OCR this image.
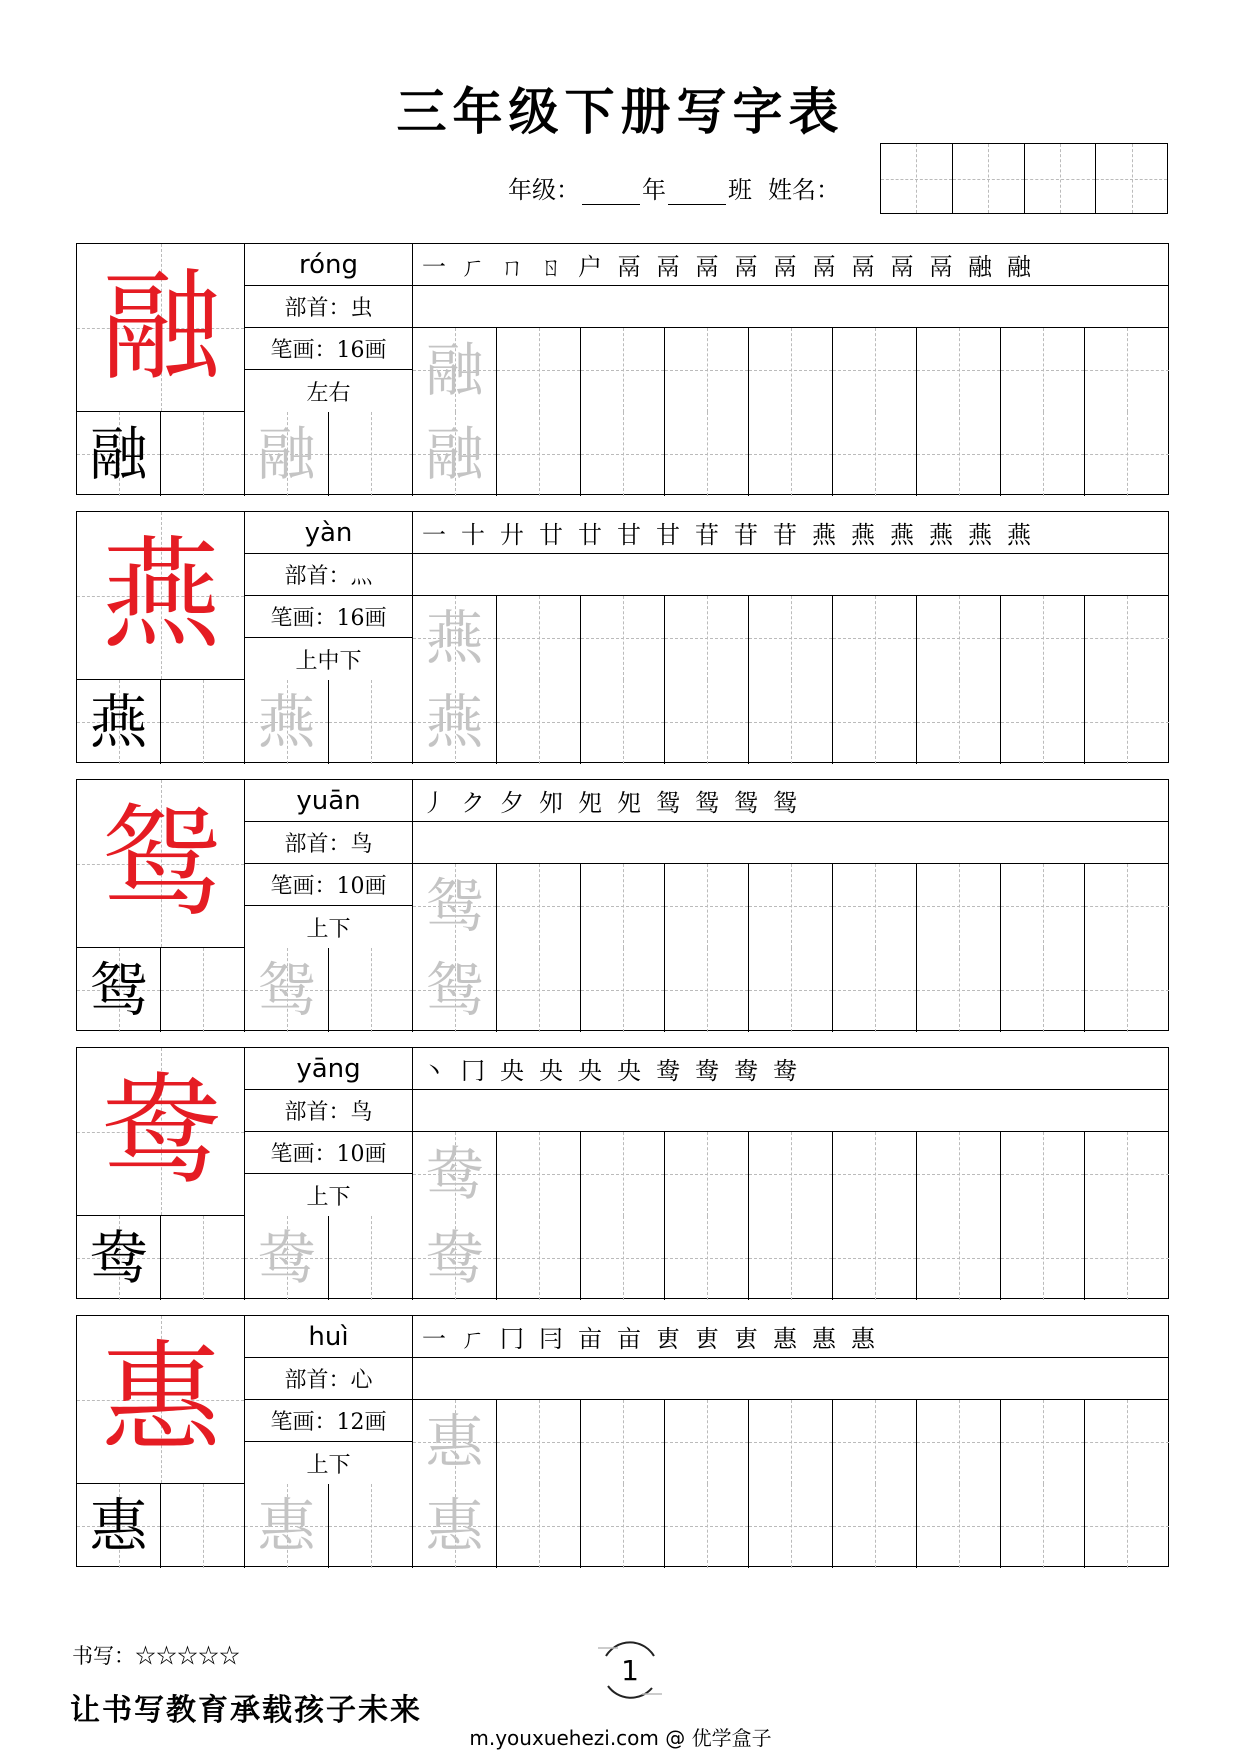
三年级下册写字表
年级：	年	班 姓名：
融	róng
部首：虫
笔画：16画
左右
一 ㄏ ㄇ ㄖ 户 鬲 鬲 鬲 鬲 鬲 鬲 鬲 鬲 鬲 融 融
融
融 融 融
燕	yàn
部首：灬
笔画：16画
上中下
一 十 廾 廿 廿 甘 甘 苷 苷 苷 燕 燕 燕 燕 燕 燕
燕
燕 燕 燕
鸳	yuān
部首：鸟
笔画：10画
上下
丿 ク 夕 夘 夗 夗 鸳 鸳 鸳 鸳
鸳
鸳 鸳 鸳
鸯	yāng
部首：鸟
笔画：10画
上下
丶 冂 央 央 央 央 鸯 鸯 鸯 鸯
鸯
鸯 鸯 鸯
惠	huì
部首：心
笔画：12画
上下
一 ㄏ 冂 冃 亩 亩 叀 叀 叀 惠 惠 惠
惠
惠 惠 惠
书写：☆☆☆☆☆
让书写教育承载孩子未来
1
m.youxuehezi.com @ 优学盒子
